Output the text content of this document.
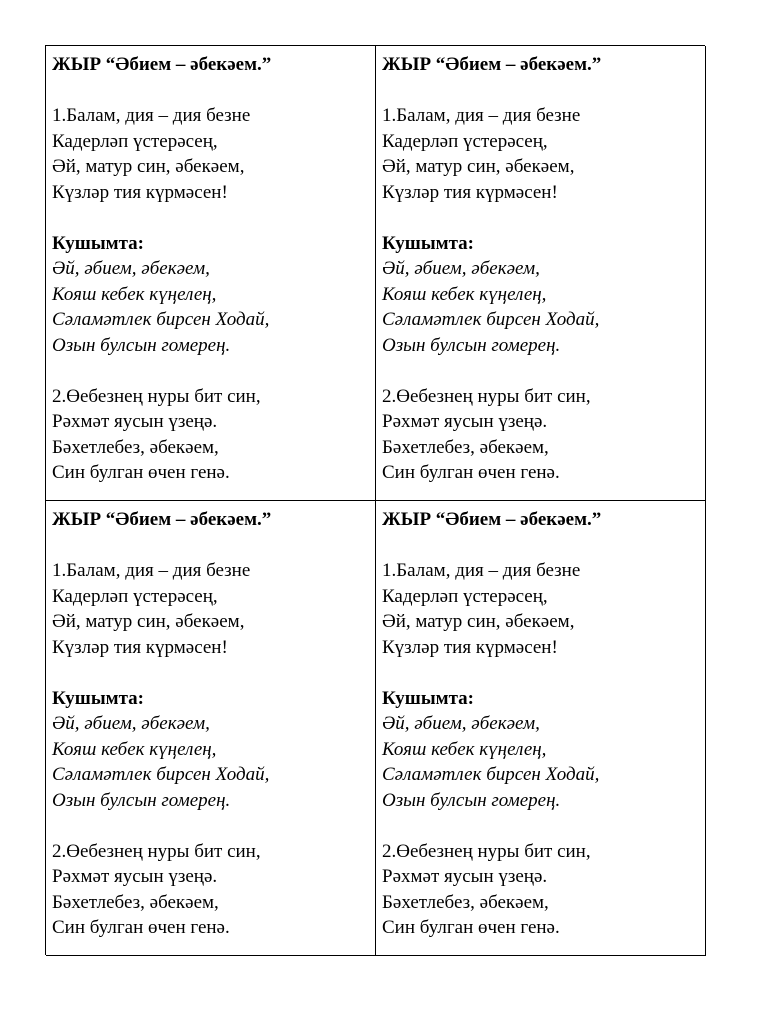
ЖЫР “Әбием – әбекәем.”

1.Балам, дия – дия безне

Кадерләп үстерәсең,

Әй, матур син, әбекәем,

Күзләр тия күрмәсен!

Кушымта:

Әй, әбием, әбекәем,

Кояш кебек күңелең,

Сәламәтлек бирсен Ходай,

Озын булсын гомерең.

2.Өебезнең нуры бит син,

Рәхмәт яусын үзеңә.

Бәхетлебез, әбекәем,

Син булган өчен генә.

ЖЫР “Әбием – әбекәем.”

1.Балам, дия – дия безне

Кадерләп үстерәсең,

Әй, матур син, әбекәем,

Күзләр тия күрмәсен!

Кушымта:

Әй, әбием, әбекәем,

Кояш кебек күңелең,

Сәламәтлек бирсен Ходай,

Озын булсын гомерең.

2.Өебезнең нуры бит син,

Рәхмәт яусын үзеңә.

Бәхетлебез, әбекәем,

Син булган өчен генә.

ЖЫР “Әбием – әбекәем.”

1.Балам, дия – дия безне

Кадерләп үстерәсең,

Әй, матур син, әбекәем,

Күзләр тия күрмәсен!

Кушымта:

Әй, әбием, әбекәем,

Кояш кебек күңелең,

Сәламәтлек бирсен Ходай,

Озын булсын гомерең.

2.Өебезнең нуры бит син,

Рәхмәт яусын үзеңә.

Бәхетлебез, әбекәем,

Син булган өчен генә.

ЖЫР “Әбием – әбекәем.”

1.Балам, дия – дия безне

Кадерләп үстерәсең,

Әй, матур син, әбекәем,

Күзләр тия күрмәсен!

Кушымта:

Әй, әбием, әбекәем,

Кояш кебек күңелең,

Сәламәтлек бирсен Ходай,

Озын булсын гомерең.

2.Өебезнең нуры бит син,

Рәхмәт яусын үзеңә.

Бәхетлебез, әбекәем,

Син булган өчен генә.
